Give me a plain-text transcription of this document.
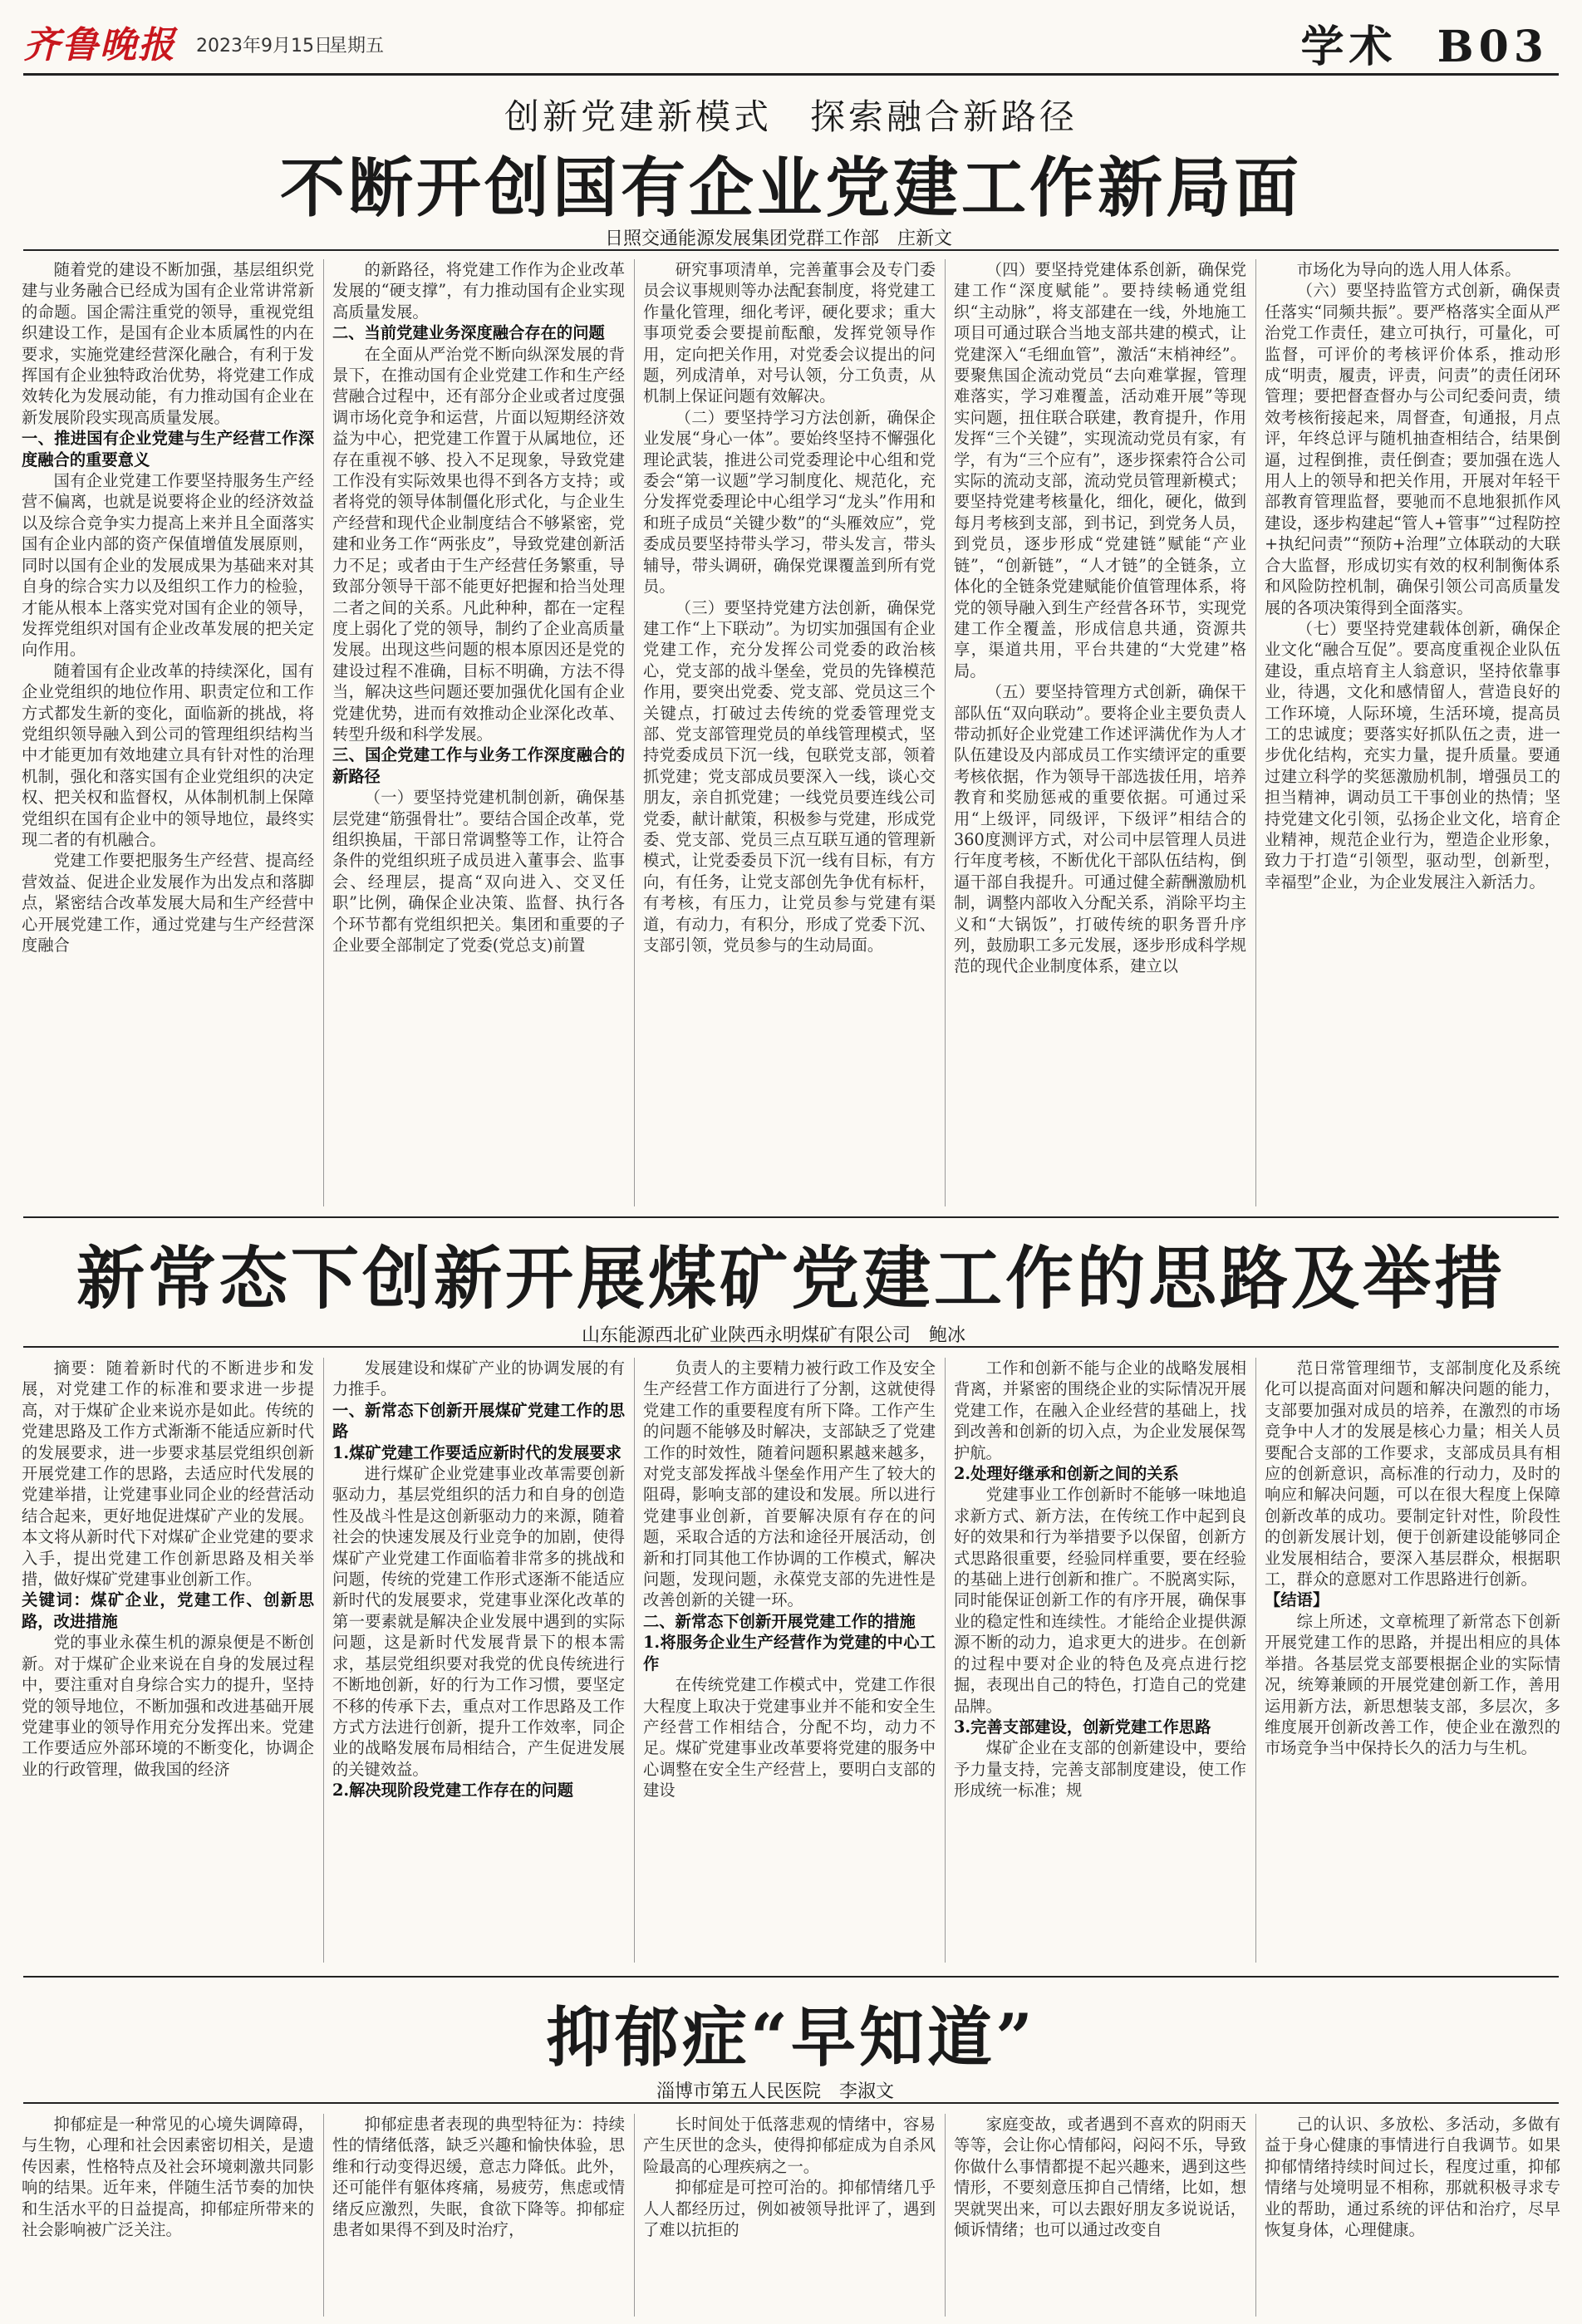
齐鲁晚报 2023年9月15日
星期五	学术 B03
创新党建新模式　探索融合新路径
不断开创国有企业党建工作新局面
日照交通能源发展集团党群工作部　庄新文

随着党的建设不断加强，基层组织党建与业务融合已经成为国有企业常讲常新的命题。国企需注重党的领导，重视党组织建设工作，是国有企业本质属性的内在要求，实施党建经营深化融合，有利于发挥国有企业独特政治优势，将党建工作成效转化为发展动能，有力推动国有企业在新发展阶段实现高质量发展。

一、推进国有企业党建与生产经营工作深度融合的重要意义

国有企业党建工作要坚持服务生产经营不偏离，也就是说要将企业的经济效益以及综合竞争实力提高上来并且全面落实国有企业内部的资产保值增值发展原则，同时以国有企业的发展成果为基础来对其自身的综合实力以及组织工作力的检验，才能从根本上落实党对国有企业的领导，发挥党组织对国有企业改革发展的把关定向作用。

随着国有企业改革的持续深化，国有企业党组织的地位作用、职责定位和工作方式都发生新的变化，面临新的挑战，将党组织领导融入到公司的管理组织结构当中才能更加有效地建立具有针对性的治理机制，强化和落实国有企业党组织的决定权、把关权和监督权，从体制机制上保障党组织在国有企业中的领导地位，最终实现二者的有机融合。

党建工作要把服务生产经营、提高经营效益、促进企业发展作为出发点和落脚点，紧密结合改革发展大局和生产经营中心开展党建工作，通过党建与生产经营深度融合

的新路径，将党建工作作为企业改革发展的“硬支撑”，有力推动国有企业实现高质量发展。

二、当前党建业务深度融合存在的问题

在全面从严治党不断向纵深发展的背景下，在推动国有企业党建工作和生产经营融合过程中，还有部分企业或者过度强调市场化竞争和运营，片面以短期经济效益为中心，把党建工作置于从属地位，还存在重视不够、投入不足现象，导致党建工作没有实际效果也得不到各方支持；或者将党的领导体制僵化形式化，与企业生产经营和现代企业制度结合不够紧密，党建和业务工作“两张皮”，导致党建创新活力不足；或者由于生产经营任务繁重，导致部分领导干部不能更好把握和拾当处理二者之间的关系。凡此种种，都在一定程度上弱化了党的领导，制约了企业高质量发展。出现这些问题的根本原因还是党的建设过程不准确，目标不明确，方法不得当，解决这些问题还要加强优化国有企业党建优势，进而有效推动企业深化改革、转型升级和科学发展。

三、国企党建工作与业务工作深度融合的新路径

（一）要坚持党建机制创新，确保基层党建“筋强骨壮”。要结合国企改革，党组织换届，干部日常调整等工作，让符合条件的党组织班子成员进入董事会、监事会、经理层，提高“双向进入、交叉任职”比例，确保企业决策、监督、执行各个环节都有党组织把关。集团和重要的子企业要全部制定了党委(党总支)前置

研究事项清单，完善董事会及专门委员会议事规则等办法配套制度，将党建工作量化管理，细化考评，硬化要求；重大事项党委会要提前酝酿，发挥党领导作用，定向把关作用，对党委会议提出的问题，列成清单，对号认领，分工负责，从机制上保证问题有效解决。

（二）要坚持学习方法创新，确保企业发展“身心一体”。要始终坚持不懈强化理论武装，推进公司党委理论中心组和党委会“第一议题”学习制度化、规范化，充分发挥党委理论中心组学习“龙头”作用和和班子成员“关键少数”的“头雁效应”，党委成员要坚持带头学习，带头发言，带头辅导，带头调研，确保党课覆盖到所有党员。

（三）要坚持党建方法创新，确保党建工作“上下联动”。为切实加强国有企业党建工作，充分发挥公司党委的政治核心，党支部的战斗堡垒，党员的先锋模范作用，要突出党委、党支部、党员这三个关键点，打破过去传统的党委管理党支部、党支部管理党员的单线管理模式，坚持党委成员下沉一线，包联党支部，领着抓党建；党支部成员要深入一线，谈心交朋友，亲自抓党建；一线党员要连线公司党委，献计献策，积极参与党建，形成党委、党支部、党员三点互联互通的管理新模式，让党委委员下沉一线有目标，有方向，有任务，让党支部创先争优有标杆，有考核，有压力，让党员参与党建有渠道，有动力，有积分，形成了党委下沉、支部引领，党员参与的生动局面。

（四）要坚持党建体系创新，确保党建工作“深度赋能”。要持续畅通党组织“主动脉”，将支部建在一线，外地施工项目可通过联合当地支部共建的模式，让党建深入“毛细血管”，激活“末梢神经”。要聚焦国企流动党员“去向难掌握，管理难落实，学习难覆盖，活动难开展”等现实问题，扭住联合联建，教育提升，作用发挥“三个关键”，实现流动党员有家，有学，有为“三个应有”，逐步探索符合公司实际的流动支部，流动党员管理新模式；要坚持党建考核量化，细化，硬化，做到每月考核到支部，到书记，到党务人员，到党员，逐步形成“党建链”赋能“产业链”，“创新链”，“人才链”的全链条，立体化的全链条党建赋能价值管理体系，将党的领导融入到生产经营各环节，实现党建工作全覆盖，形成信息共通，资源共享，渠道共用，平台共建的“大党建”格局。

（五）要坚持管理方式创新，确保干部队伍“双向联动”。要将企业主要负责人带动抓好企业党建工作述评满优作为人才队伍建设及内部成员工作实绩评定的重要考核依据，作为领导干部选拔任用，培养教育和奖励惩戒的重要依据。可通过采用“上级评，同级评，下级评”相结合的360度测评方式，对公司中层管理人员进行年度考核，不断优化干部队伍结构，倒逼干部自我提升。可通过健全薪酬激励机制，调整内部收入分配关系，消除平均主义和“大锅饭”，打破传统的职务晋升序列，鼓励职工多元发展，逐步形成科学规范的现代企业制度体系，建立以

市场化为导向的选人用人体系。

（六）要坚持监管方式创新，确保责任落实“同频共振”。要严格落实全面从严治党工作责任，建立可执行，可量化，可监督，可评价的考核评价体系，推动形成“明责，履责，评责，问责”的责任闭环管理；要把督查督办与公司纪委问责，绩效考核衔接起来，周督查，旬通报，月点评，年终总评与随机抽查相结合，结果倒逼，过程倒推，责任倒查；要加强在选人用人上的领导和把关作用，开展对年轻干部教育管理监督，要驰而不息地狠抓作风建设，逐步构建起“管人+管事”“过程防控+执纪问责”“预防+治理”立体联动的大联合大监督，形成切实有效的权利制衡体系和风险防控机制，确保引领公司高质量发展的各项决策得到全面落实。

（七）要坚持党建载体创新，确保企业文化“融合互促”。要高度重视企业队伍建设，重点培育主人翁意识，坚持依靠事业，待遇，文化和感情留人，营造良好的工作环境，人际环境，生活环境，提高员工的忠诚度；要落实好抓队伍之责，进一步优化结构，充实力量，提升质量。要通过建立科学的奖惩激励机制，增强员工的担当精神，调动员工干事创业的热情；坚持党建文化引领，弘扬企业文化，培育企业精神，规范企业行为，塑造企业形象，致力于打造“引领型，驱动型，创新型，幸福型”企业，为企业发展注入新活力。

新常态下创新开展煤矿党建工作的思路及举措
山东能源西北矿业陕西永明煤矿有限公司　鲍冰

摘要：随着新时代的不断进步和发展，对党建工作的标准和要求进一步提高，对于煤矿企业来说亦是如此。传统的党建思路及工作方式渐渐不能适应新时代的发展要求，进一步要求基层党组织创新开展党建工作的思路，去适应时代发展的党建举措，让党建事业同企业的经营活动结合起来，更好地促进煤矿产业的发展。本文将从新时代下对煤矿企业党建的要求入手，提出党建工作创新思路及相关举措，做好煤矿党建事业创新工作。

关键词：煤矿企业，党建工作、创新思路，改进措施

党的事业永葆生机的源泉便是不断创新。对于煤矿企业来说在自身的发展过程中，要注重对自身综合实力的提升，坚持党的领导地位，不断加强和改进基础开展党建事业的领导作用充分发挥出来。党建工作要适应外部环境的不断变化，协调企业的行政管理，做我国的经济

发展建设和煤矿产业的协调发展的有力推手。

一、新常态下创新开展煤矿党建工作的思路

1.煤矿党建工作要适应新时代的发展要求

进行煤矿企业党建事业改革需要创新驱动力，基层党组织的活力和自身的创造性及战斗性是这创新驱动力的来源，随着社会的快速发展及行业竞争的加剧，使得煤矿产业党建工作面临着非常多的挑战和问题，传统的党建工作形式逐渐不能适应新时代的发展要求，党建事业深化改革的第一要素就是解决企业发展中遇到的实际问题，这是新时代发展背景下的根本需求，基层党组织要对我党的优良传统进行不断地创新，好的行为工作习惯，要坚定不移的传承下去，重点对工作思路及工作方式方法进行创新，提升工作效率，同企业的战略发展布局相结合，产生促进发展的关键效益。

2.解决现阶段党建工作存在的问题

负责人的主要精力被行政工作及安全生产经营工作方面进行了分割，这就使得党建工作的重要程度有所下降。工作产生的问题不能够及时解决，支部缺乏了党建工作的时效性，随着问题积累越来越多，对党支部发挥战斗堡垒作用产生了较大的阻碍，影响支部的建设和发展。所以进行党建事业创新，首要解决原有存在的问题，采取合适的方法和途径开展活动，创新和打同其他工作协调的工作模式，解决问题，发现问题，永葆党支部的先进性是改善创新的关键一环。

二、新常态下创新开展党建工作的措施

1.将服务企业生产经营作为党建的中心工作

在传统党建工作模式中，党建工作很大程度上取决于党建事业并不能和安全生产经营工作相结合，分配不均，动力不足。煤矿党建事业改革要将党建的服务中心调整在安全生产经营上，要明白支部的建设

工作和创新不能与企业的战略发展相背离，并紧密的围绕企业的实际情况开展党建工作，在融入企业经营的基础上，找到改善和创新的切入点，为企业发展保驾护航。

2.处理好继承和创新之间的关系

党建事业工作创新时不能够一味地追求新方式、新方法，在传统工作中起到良好的效果和行为举措要予以保留，创新方式思路很重要，经验同样重要，要在经验的基础上进行创新和推广。不脱离实际，同时能保证创新工作的有序开展，确保事业的稳定性和连续性。才能给企业提供源源不断的动力，追求更大的进步。在创新的过程中要对企业的特色及亮点进行挖掘，表现出自己的特色，打造自己的党建品牌。

3.完善支部建设，创新党建工作思路

煤矿企业在支部的创新建设中，要给予力量支持，完善支部制度建设，使工作形成统一标准；规

范日常管理细节，支部制度化及系统化可以提高面对问题和解决问题的能力，支部要加强对成员的培养，在激烈的市场竞争中人才的发展是核心力量；相关人员要配合支部的工作要求，支部成员具有相应的创新意识，高标准的行动力，及时的响应和解决问题，可以在很大程度上保障创新改革的成功。要制定针对性，阶段性的创新发展计划，便于创新建设能够同企业发展相结合，要深入基层群众，根据职工，群众的意愿对工作思路进行创新。

【结语】

综上所述，文章梳理了新常态下创新开展党建工作的思路，并提出相应的具体举措。各基层党支部要根据企业的实际情况，统筹兼顾的开展党建创新工作，善用运用新方法，新思想装支部，多层次，多维度展开创新改善工作，使企业在激烈的市场竞争当中保持长久的活力与生机。

抑郁症“早知道”
淄博市第五人民医院　李淑文

抑郁症是一种常见的心境失调障碍，与生物，心理和社会因素密切相关，是遗传因素，性格特点及社会环境刺激共同影响的结果。近年来，伴随生活节奏的加快和生活水平的日益提高，抑郁症所带来的社会影响被广泛关注。

抑郁症患者表现的典型特征为：持续性的情绪低落，缺乏兴趣和愉快体验，思维和行动变得迟缓，意志力降低。此外，还可能伴有躯体疼痛，易疲劳，焦虑或情绪反应激烈，失眠，食欲下降等。抑郁症患者如果得不到及时治疗，

长时间处于低落悲观的情绪中，容易产生厌世的念头，使得抑郁症成为自杀风险最高的心理疾病之一。

抑郁症是可控可治的。抑郁情绪几乎人人都经历过，例如被领导批评了，遇到了难以抗拒的

家庭变故，或者遇到不喜欢的阴雨天等等，会让你心情郁闷，闷闷不乐，导致你做什么事情都提不起兴趣来，遇到这些情形，不要刻意压抑自己情绪，比如，想哭就哭出来，可以去跟好朋友多说说话，倾诉情绪；也可以通过改变自

己的认识、多放松、多活动，多做有益于身心健康的事情进行自我调节。如果抑郁情绪持续时间过长，程度过重，抑郁情绪与处境明显不相称，那就积极寻求专业的帮助，通过系统的评估和治疗，尽早恢复身体，心理健康。
